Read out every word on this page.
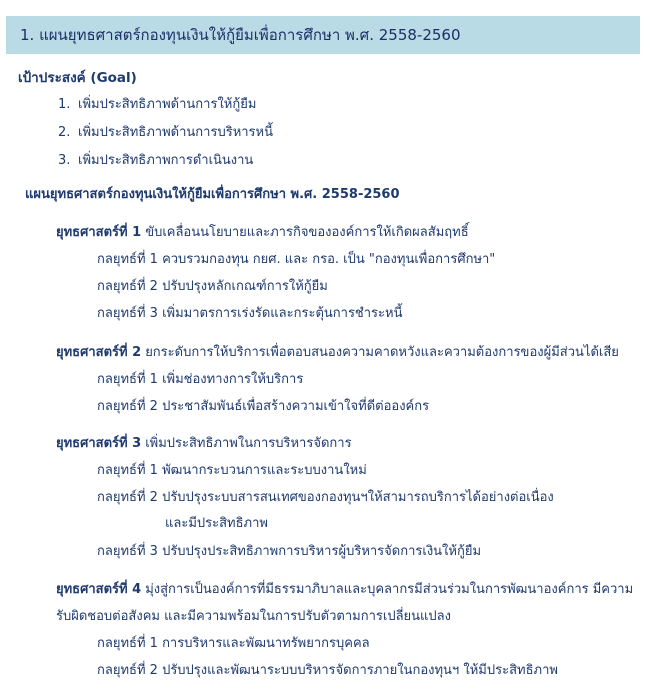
1. แผนยุทธศาสตร์กองทุนเงินให้กู้ยืมเพื่อการศึกษา พ.ศ. 2558-2560
เป้าประสงค์ (Goal)
1. เพิ่มประสิทธิภาพด้านการให้กู้ยืม
2. เพิ่มประสิทธิภาพด้านการบริหารหนี้
3. เพิ่มประสิทธิภาพการดำเนินงาน
แผนยุทธศาสตร์กองทุนเงินให้กู้ยืมเพื่อการศึกษา พ.ศ. 2558-2560
ยุทธศาสตร์ที่ 1 ขับเคลื่อนนโยบายและภารกิจขององค์การให้เกิดผลสัมฤทธิ์
กลยุทธ์ที่ 1 ควบรวมกองทุน กยศ. และ กรอ. เป็น "กองทุนเพื่อการศึกษา"
กลยุทธ์ที่ 2 ปรับปรุงหลักเกณฑ์การให้กู้ยืม
กลยุทธ์ที่ 3 เพิ่มมาตรการเร่งรัดและกระตุ้นการชำระหนี้
ยุทธศาสตร์ที่ 2 ยกระดับการให้บริการเพื่อตอบสนองความคาดหวังและความต้องการของผู้มีส่วนได้เสีย
กลยุทธ์ที่ 1 เพิ่มช่องทางการให้บริการ
กลยุทธ์ที่ 2 ประชาสัมพันธ์เพื่อสร้างความเข้าใจที่ดีต่อองค์กร
ยุทธศาสตร์ที่ 3 เพิ่มประสิทธิภาพในการบริหารจัดการ
กลยุทธ์ที่ 1 พัฒนากระบวนการและระบบงานใหม่
กลยุทธ์ที่ 2 ปรับปรุงระบบสารสนเทศของกองทุนฯให้สามารถบริการได้อย่างต่อเนื่อง
และมีประสิทธิภาพ
กลยุทธ์ที่ 3 ปรับปรุงประสิทธิภาพการบริหารผู้บริหารจัดการเงินให้กู้ยืม
ยุทธศาสตร์ที่ 4 มุ่งสู่การเป็นองค์การที่มีธรรมาภิบาลและบุคลากรมีส่วนร่วมในการพัฒนาองค์การ มีความ
รับผิดชอบต่อสังคม และมีความพร้อมในการปรับตัวตามการเปลี่ยนแปลง
กลยุทธ์ที่ 1 การบริหารและพัฒนาทรัพยากรบุคคล
กลยุทธ์ที่ 2 ปรับปรุงและพัฒนาระบบบริหารจัดการภายในกองทุนฯ ให้มีประสิทธิภาพ
